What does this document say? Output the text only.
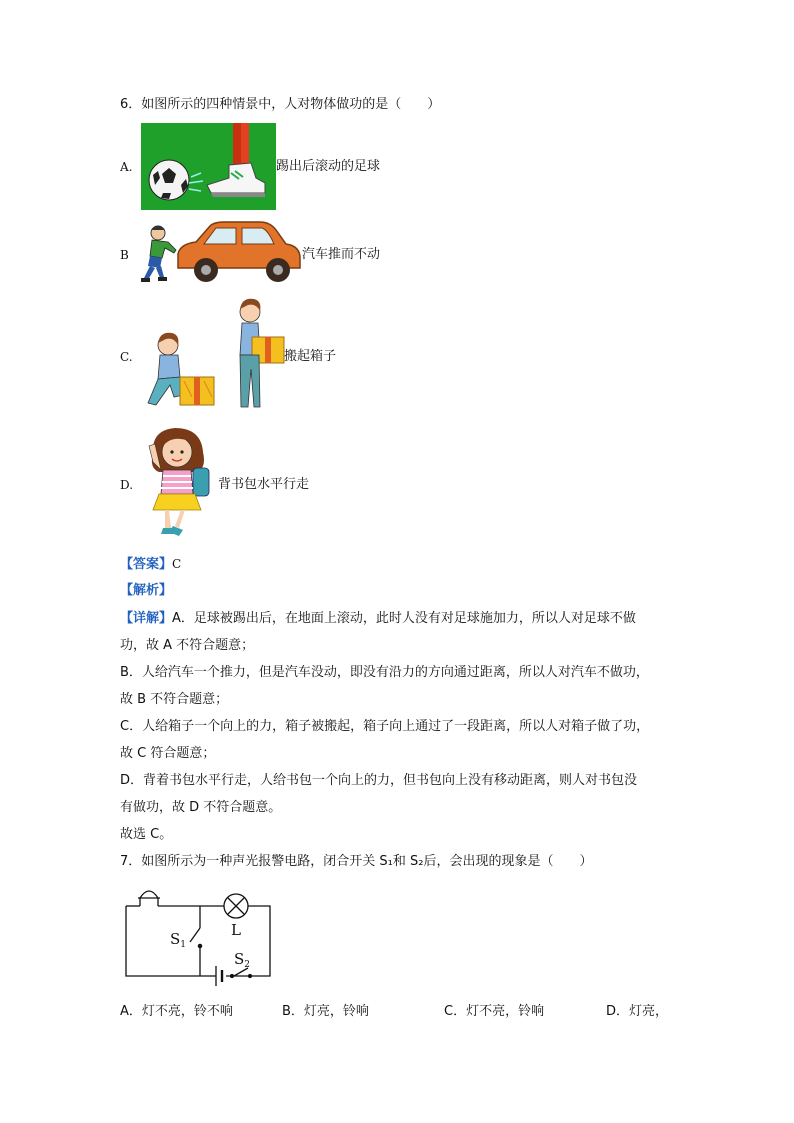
6．如图所示的四种情景中，人对物体做功的是（　　）
A.	踢出后滚动的足球
B	汽车推而不动
C.	搬起箱子
D.	背书包水平行走
【答案】C
【解析】
【详解】A．足球被踢出后，在地面上滚动，此时人没有对足球施加力，所以人对足球不做
功，故 A 不符合题意；
B．人给汽车一个推力，但是汽车没动，即没有沿力的方向通过距离，所以人对汽车不做功，
故 B 不符合题意；
C．人给箱子一个向上的力，箱子被搬起，箱子向上通过了一段距离，所以人对箱子做了功，
故 C 符合题意；
D．背着书包水平行走，人给书包一个向上的力，但书包向上没有移动距离，则人对书包没
有做功，故 D 不符合题意。
故选 C。
7．如图所示为一种声光报警电路，闭合开关 S₁和 S₂后，会出现的现象是（　　）
$S_1$
L
$S_2$
A．灯不亮，铃不响	B．灯亮，铃响	C．灯不亮，铃响	D．灯亮，
